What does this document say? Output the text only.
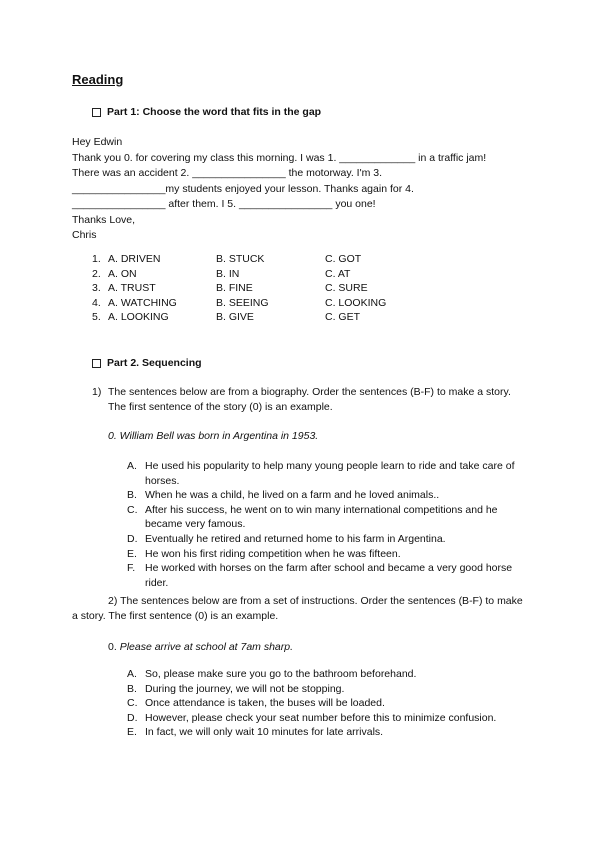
Reading
Part 1: Choose the word that fits in the gap
Hey Edwin
Thank you 0. for covering my class this morning. I was 1. _____________ in a traffic jam!
There was an accident 2. ________________ the motorway. I'm 3.
________________my students enjoyed your lesson. Thanks again for 4.
________________ after them. I 5. ________________ you one!
Thanks Love,
Chris
1. A. DRIVEN	B. STUCK	C. GOT
2. A. ON	B. IN	C. AT
3. A. TRUST	B. FINE	C. SURE
4. A. WATCHING	B. SEEING	C. LOOKING
5. A. LOOKING	B. GIVE	C. GET
Part 2. Sequencing
1) The sentences below are from a biography. Order the sentences (B-F) to make a story. The first sentence of the story (0) is an example.
0. William Bell was born in Argentina in 1953.
A. He used his popularity to help many young people learn to ride and take care of horses.
B. When he was a child, he lived on a farm and he loved animals..
C. After his success, he went on to win many international competitions and he became very famous.
D. Eventually he retired and returned home to his farm in Argentina.
E. He won his first riding competition when he was fifteen.
F. He worked with horses on the farm after school and became a very good horse rider.
2) The sentences below are from a set of instructions. Order the sentences (B-F) to make a story. The first sentence (0) is an example.
0. Please arrive at school at 7am sharp.
A. So, please make sure you go to the bathroom beforehand.
B. During the journey, we will not be stopping.
C. Once attendance is taken, the buses will be loaded.
D. However, please check your seat number before this to minimize confusion.
E. In fact, we will only wait 10 minutes for late arrivals.
